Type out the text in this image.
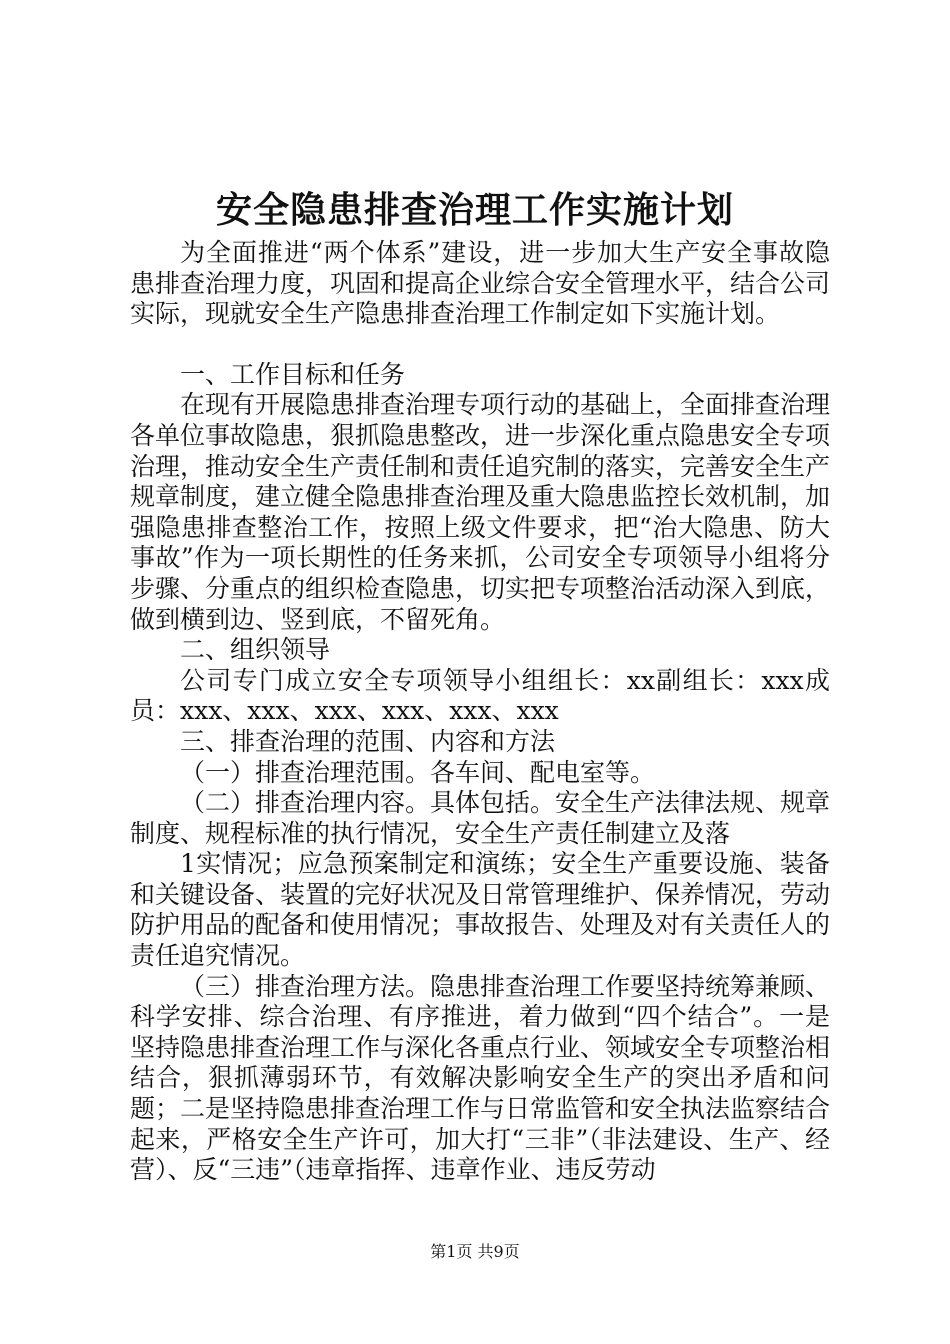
安全隐患排查治理工作实施计划

为全面推进“两个体系”建设，进一步加大生产安全事故隐患排查治理力度，巩固和提高企业综合安全管理水平，结合公司实际，现就安全生产隐患排查治理工作制定如下实施计划。

一、工作目标和任务

在现有开展隐患排查治理专项行动的基础上，全面排查治理各单位事故隐患，狠抓隐患整改，进一步深化重点隐患安全专项治理，推动安全生产责任制和责任追究制的落实，完善安全生产规章制度，建立健全隐患排查治理及重大隐患监控长效机制，加强隐患排查整治工作，按照上级文件要求，把“治大隐患、防大事故”作为一项长期性的任务来抓，公司安全专项领导小组将分步骤、分重点的组织检查隐患，切实把专项整治活动深入到底，做到横到边、竖到底，不留死角。

二、组织领导

公司专门成立安全专项领导小组组长：xx副组长：xxx成员：xxx、xxx、xxx、xxx、xxx、xxx

三、排查治理的范围、内容和方法

（一）排查治理范围。各车间、配电室等。

（二）排查治理内容。具体包括。安全生产法律法规、规章制度、规程标准的执行情况，安全生产责任制建立及落

1实情况；应急预案制定和演练；安全生产重要设施、装备和关键设备、装置的完好状况及日常管理维护、保养情况，劳动防护用品的配备和使用情况；事故报告、处理及对有关责任人的责任追究情况。

（三）排查治理方法。隐患排查治理工作要坚持统筹兼顾、科学安排、综合治理、有序推进，着力做到“四个结合”。一是坚持隐患排查治理工作与深化各重点行业、领域安全专项整治相结合，狠抓薄弱环节，有效解决影响安全生产的突出矛盾和问题；二是坚持隐患排查治理工作与日常监管和安全执法监察结合起来，严格安全生产许可，加大打“三非”（非法建设、生产、经营）、反“三违”（违章指挥、违章作业、违反劳动

第1页 共9页
